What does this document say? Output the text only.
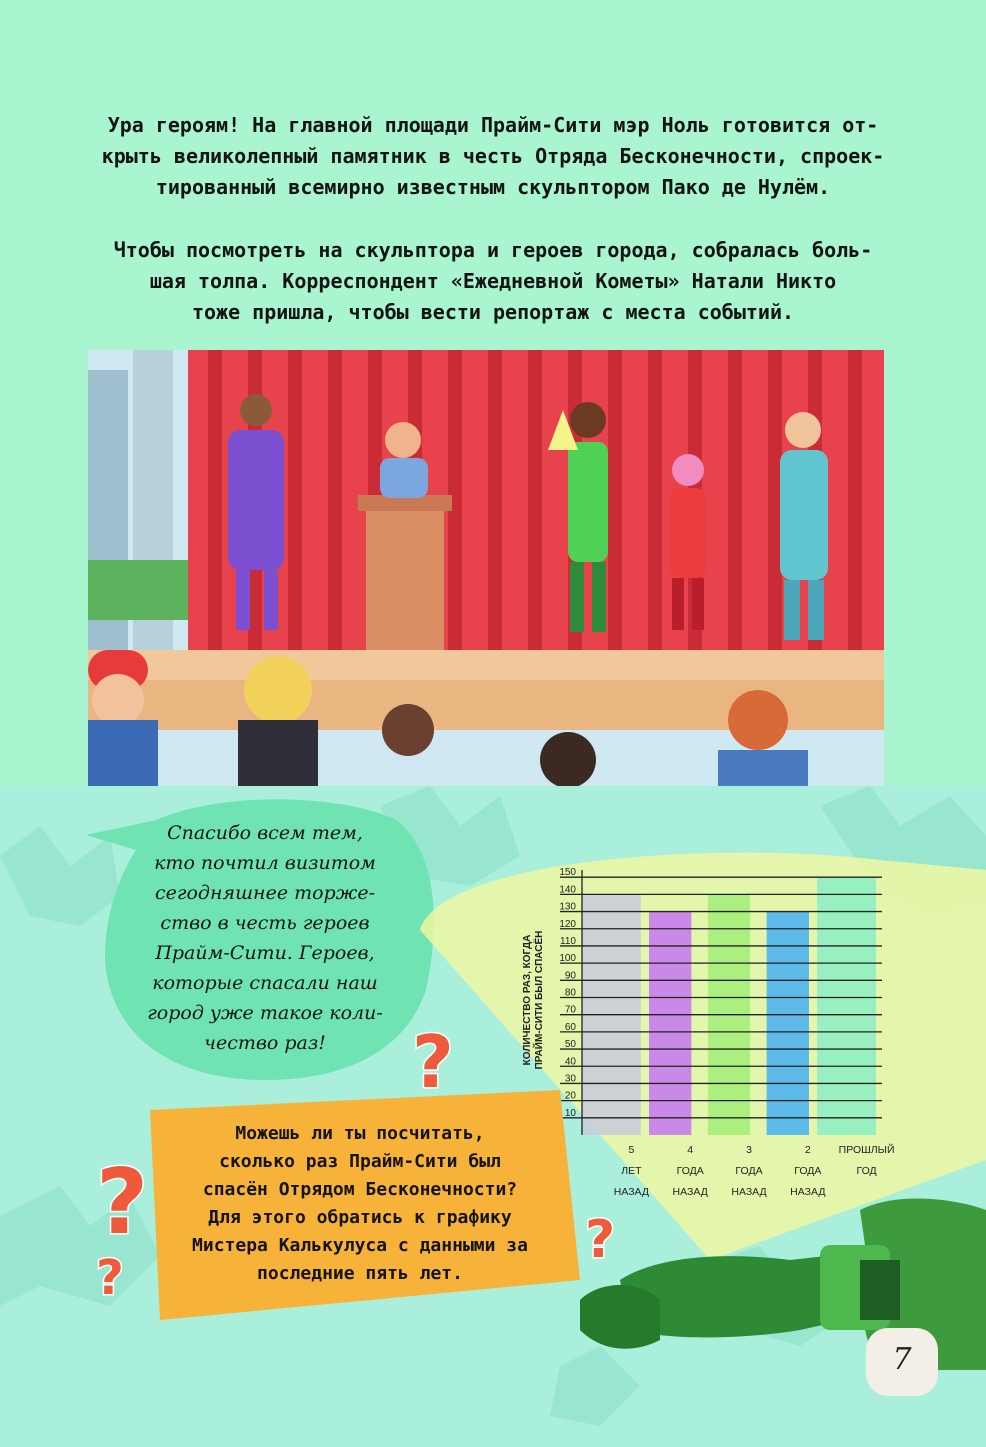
Ура героям! На главной площади Прайм-Сити мэр Ноль готовится от-
крыть великолепный памятник в честь Отряда Бесконечности, спроек-
тированный всемирно известным скульптором Пако де Нулём.

Чтобы посмотреть на скульптора и героев города, собралась боль-
шая толпа. Корреспондент «Ежедневной Кометы» Натали Никто
тоже пришла, чтобы вести репортаж с места событий.

Спасибо всем тем,
кто почтил визитом
сегодняшнее торже-
ство в честь героев
Прайм-Сити. Героев,
которые спасали наш
город уже такое коли-
чество раз!

10
20
30
40
50
60
70
80
90
100
110
120
130
140
150
КОЛИЧЕСТВО РАЗ, КОГДАПРАЙМ-СИТИ БЫЛ СПАСЁН
5
ЛЕТ
НАЗАД
4
ГОДА
НАЗАД
3
ГОДА
НАЗАД
2
ГОДА
НАЗАД
ПРОШЛЫЙ
ГОД

Можешь ли ты посчитать,
сколько раз Прайм-Сити был
спасён Отрядом Бесконечности?
Для этого обратись к графику
Мистера Калькулуса с данными за
последние пять лет.

?
?
?
?

7
